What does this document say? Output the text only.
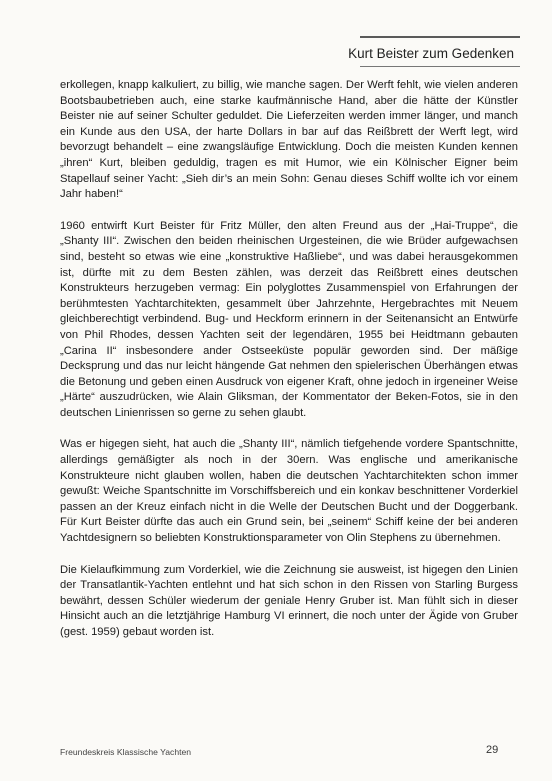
Kurt Beister zum Gedenken

erkollegen, knapp kalkuliert, zu billig, wie manche sagen. Der Werft fehlt, wie vielen anderen Bootsbaubetrieben auch, eine starke kaufmännische Hand, aber die hätte der Künstler Beister nie auf seiner Schulter geduldet. Die Lieferzeiten werden immer länger, und manch ein Kunde aus den USA, der harte Dollars in bar auf das Reißbrett der Werft legt, wird bevorzugt behandelt – eine zwangsläufige Entwicklung. Doch die meisten Kunden kennen „ihren“ Kurt, bleiben geduldig, tragen es mit Humor, wie ein Kölnischer Eigner beim Stapellauf seiner Yacht: „Sieh dir’s an mein Sohn: Genau dieses Schiff wollte ich vor einem Jahr haben!“

1960 entwirft Kurt Beister für Fritz Müller, den alten Freund aus der „Hai-Truppe“, die „Shanty III“. Zwischen den beiden rheinischen Urgesteinen, die wie Brüder aufgewachsen sind, besteht so etwas wie eine „konstruktive Haßliebe“, und was dabei herausgekommen ist, dürfte mit zu dem Besten zählen, was derzeit das Reißbrett eines deutschen Konstrukteurs herzugeben vermag: Ein polyglottes Zusammenspiel von Erfahrungen der berühmtesten Yachtarchitekten, gesammelt über Jahrzehnte, Hergebrachtes mit Neuem gleichberechtigt verbindend. Bug- und Heckform erinnern in der Seitenansicht an Entwürfe von Phil Rhodes, dessen Yachten seit der legendären, 1955 bei Heidtmann gebauten „Carina II“ insbesondere ander Ostseeküste populär geworden sind. Der mäßige Decksprung und das nur leicht hängende Gat nehmen den spielerischen Überhängen etwas die Betonung und geben einen Ausdruck von eigener Kraft, ohne jedoch in irgeneiner Weise „Härte“ auszudrücken, wie Alain Gliksman, der Kommentator der Beken-Fotos, sie in den deutschen Linienrissen so gerne zu sehen glaubt.

Was er higegen sieht, hat auch die „Shanty III“, nämlich tiefgehende vordere Spantschnitte, allerdings gemäßigter als noch in der 30ern. Was englische und amerikanische Konstrukteure nicht glauben wollen, haben die deutschen Yachtarchitekten schon immer gewußt: Weiche Spantschnitte im Vorschiffsbereich und ein konkav beschnittener Vorderkiel passen an der Kreuz einfach nicht in die Welle der Deutschen Bucht und der Doggerbank. Für Kurt Beister dürfte das auch ein Grund sein, bei „seinem“ Schiff keine der bei anderen Yachtdesignern so beliebten Konstruktionsparameter von Olin Stephens zu übernehmen.

Die Kielaufkimmung zum Vorderkiel, wie die Zeichnung sie ausweist, ist higegen den Linien der Transatlantik-Yachten entlehnt und hat sich schon in den Rissen von Starling Burgess bewährt, dessen Schüler wiederum der geniale Henry Gruber ist. Man fühlt sich in dieser Hinsicht auch an die letztjährige Hamburg VI erinnert, die noch unter der Ägide von Gruber (gest. 1959) gebaut worden ist.

Freundeskreis Klassische Yachten	29
